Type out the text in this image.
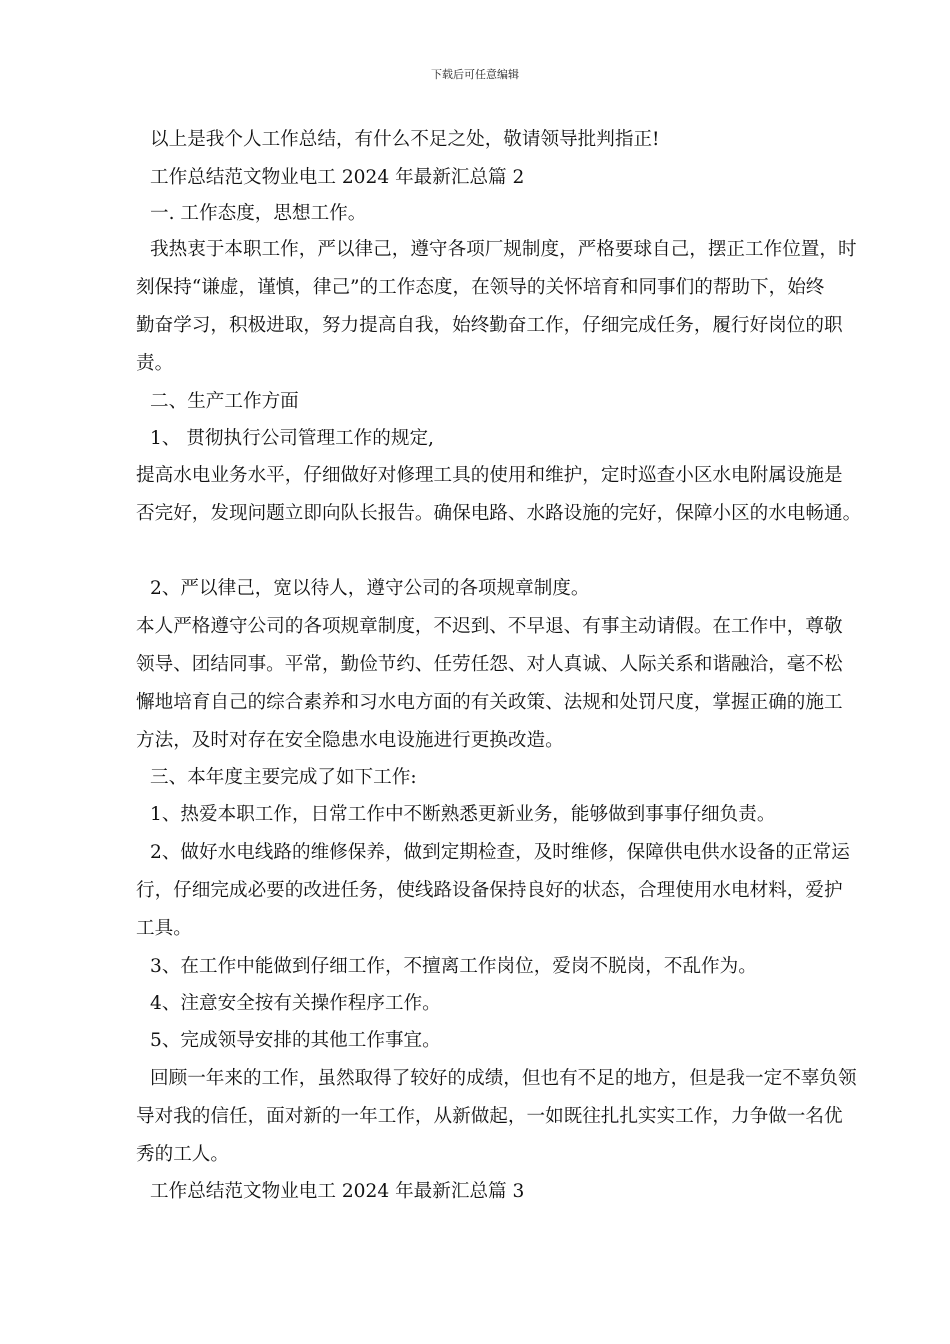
下载后可任意编辑
以上是我个人工作总结，有什么不足之处，敬请领导批判指正!
工作总结范文物业电工 2024 年最新汇总篇 2
一. 工作态度，思想工作。
我热衷于本职工作，严以律己，遵守各项厂规制度，严格要球自己，摆正工作位置，时
刻保持“谦虚，谨慎，律己”的工作态度，在领导的关怀培育和同事们的帮助下，始终
勤奋学习，积极进取，努力提高自我，始终勤奋工作，仔细完成任务，履行好岗位的职
责。
二、生产工作方面
1、 贯彻执行公司管理工作的规定,
提高水电业务水平，仔细做好对修理工具的使用和维护，定时巡查小区水电附属设施是
否完好，发现问题立即向队长报告。确保电路、水路设施的完好，保障小区的水电畅通。
2、严以律己，宽以待人，遵守公司的各项规章制度。
本人严格遵守公司的各项规章制度，不迟到、不早退、有事主动请假。在工作中，尊敬
领导、团结同事。平常，勤俭节约、任劳任怨、对人真诚、人际关系和谐融洽，毫不松
懈地培育自己的综合素养和习水电方面的有关政策、法规和处罚尺度，掌握正确的施工
方法，及时对存在安全隐患水电设施进行更换改造。
三、本年度主要完成了如下工作:
1、热爱本职工作，日常工作中不断熟悉更新业务，能够做到事事仔细负责。
2、做好水电线路的维修保养，做到定期检查，及时维修，保障供电供水设备的正常运
行，仔细完成必要的改进任务，使线路设备保持良好的状态，合理使用水电材料，爱护
工具。
3、在工作中能做到仔细工作，不擅离工作岗位，爱岗不脱岗，不乱作为。
4、注意安全按有关操作程序工作。
5、完成领导安排的其他工作事宜。
回顾一年来的工作，虽然取得了较好的成绩，但也有不足的地方，但是我一定不辜负领
导对我的信任，面对新的一年工作，从新做起，一如既往扎扎实实工作，力争做一名优
秀的工人。
工作总结范文物业电工 2024 年最新汇总篇 3
